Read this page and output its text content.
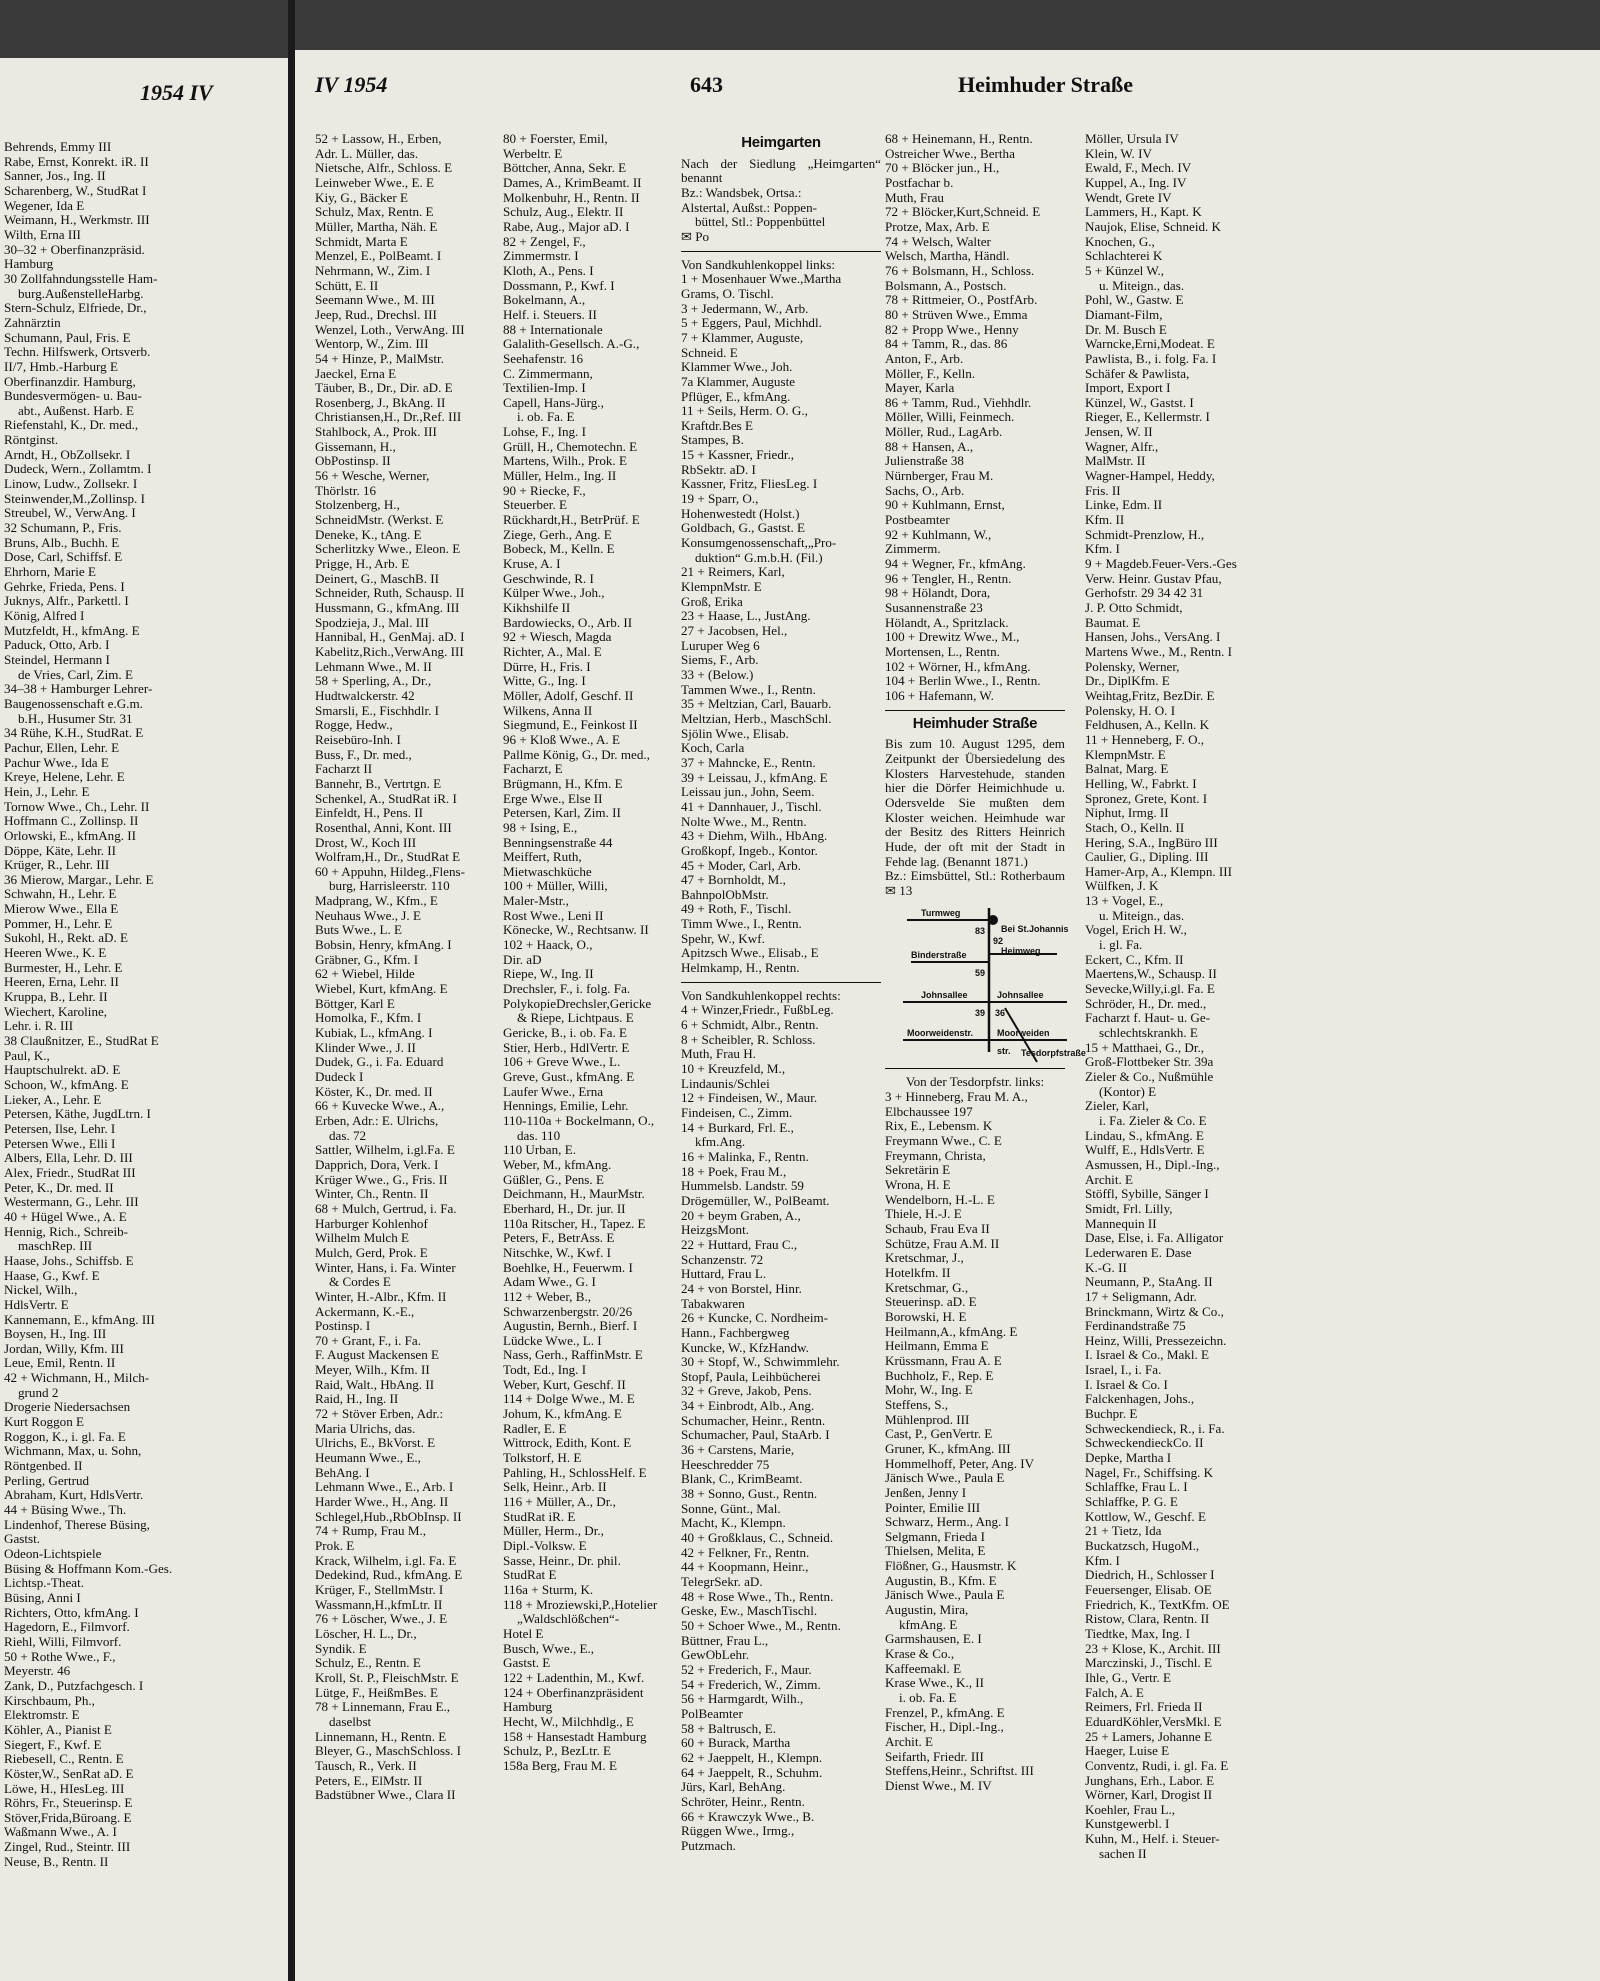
1954 IV
Behrends, Emmy III
Rabe, Ernst, Konrekt. iR. II
Sanner, Jos., Ing. II
Scharenberg, W., StudRat I
Wegener, Ida E
Weimann, H., Werkmstr. III
Wilth, Erna III
30–32 + Oberfinanzpräsid.
Hamburg
30 Zollfahndungsstelle Ham-
burg.AußenstelleHarbg.
Stern-Schulz, Elfriede, Dr.,
Zahnärztin
Schumann, Paul, Fris. E
Techn. Hilfswerk, Ortsverb.
II/7, Hmb.-Harburg E
Oberfinanzdir. Hamburg,
Bundesvermögen- u. Bau-
abt., Außenst. Harb. E
Riefenstahl, K., Dr. med.,
Röntginst.
Arndt, H., ObZollsekr. I
Dudeck, Wern., Zollamtm. I
Linow, Ludw., Zollsekr. I
Steinwender,M.,Zollinsp. I
Streubel, W., VerwAng. I
32 Schumann, P., Fris.
Bruns, Alb., Buchh. E
Dose, Carl, Schiffsf. E
Ehrhorn, Marie E
Gehrke, Frieda, Pens. I
Juknys, Alfr., Parkettl. I
König, Alfred I
Mutzfeldt, H., kfmAng. E
Paduck, Otto, Arb. I
Steindel, Hermann I
de Vries, Carl, Zim. E
34–38 + Hamburger Lehrer-
Baugenossenschaft e.G.m.
b.H., Husumer Str. 31
34 Rühe, K.H., StudRat. E
Pachur, Ellen, Lehr. E
Pachur Wwe., Ida E
Kreye, Helene, Lehr. E
Hein, J., Lehr. E
Tornow Wwe., Ch., Lehr. II
Hoffmann C., Zollinsp. II
Orlowski, E., kfmAng. II
Döppe, Käte, Lehr. II
Krüger, R., Lehr. III
36 Mierow, Margar., Lehr. E
Schwahn, H., Lehr. E
Mierow Wwe., Ella E
Pommer, H., Lehr. E
Sukohl, H., Rekt. aD. E
Heeren Wwe., K. E
Burmester, H., Lehr. E
Heeren, Erna, Lehr. II
Kruppa, B., Lehr. II
Wiechert, Karoline,
Lehr. i. R. III
38 Claußnitzer, E., StudRat E
Paul, K.,
Hauptschulrekt. aD. E
Schoon, W., kfmAng. E
Lieker, A., Lehr. E
Petersen, Käthe, JugdLtrn. I
Petersen, Ilse, Lehr. I
Petersen Wwe., Elli I
Albers, Ella, Lehr. D. III
Alex, Friedr., StudRat III
Peter, K., Dr. med. II
Westermann, G., Lehr. III
40 + Hügel Wwe., A. E
Hennig, Rich., Schreib-
maschRep. III
Haase, Johs., Schiffsb. E
Haase, G., Kwf. E
Nickel, Wilh.,
HdlsVertr. E
Kannemann, E., kfmAng. III
Boysen, H., Ing. III
Jordan, Willy, Kfm. III
Leue, Emil, Rentn. II
42 + Wichmann, H., Milch-
grund 2
Drogerie Niedersachsen
Kurt Roggon E
Roggon, K., i. gl. Fa. E
Wichmann, Max, u. Sohn,
Röntgenbed. II
Perling, Gertrud
Abraham, Kurt, HdlsVertr.
44 + Büsing Wwe., Th.
Lindenhof, Therese Büsing,
Gastst.
Odeon-Lichtspiele
Büsing & Hoffmann Kom.-Ges.
Lichtsp.-Theat.
Büsing, Anni I
Richters, Otto, kfmAng. I
Hagedorn, E., Filmvorf.
Riehl, Willi, Filmvorf.
50 + Rothe Wwe., F.,
Meyerstr. 46
Zank, D., Putzfachgesch. I
Kirschbaum, Ph.,
Elektromstr. E
Köhler, A., Pianist E
Siegert, F., Kwf. E
Riebesell, C., Rentn. E
Köster,W., SenRat aD. E
Löwe, H., HIesLeg. III
Röhrs, Fr., Steuerinsp. E
Stöver,Frida,Büroang. E
Waßmann Wwe., A. I
Zingel, Rud., Steintr. III
Neuse, B., Rentn. II
IV 1954	643	Heimhuder Straße
52 + Lassow, H., Erben,
Adr. L. Müller, das.
Nietsche, Alfr., Schloss. E
Leinweber Wwe., E. E
Kiy, G., Bäcker E
Schulz, Max, Rentn. E
Müller, Martha, Näh. E
Schmidt, Marta E
Menzel, E., PolBeamt. I
Nehrmann, W., Zim. I
Schütt, E. II
Seemann Wwe., M. III
Jeep, Rud., Drechsl. III
Wenzel, Loth., VerwAng. III
Wentorp, W., Zim. III
54 + Hinze, P., MalMstr.
Jaeckel, Erna E
Täuber, B., Dr., Dir. aD. E
Rosenberg, J., BkAng. II
Christiansen,H., Dr.,Ref. III
Stahlbock, A., Prok. III
Gissemann, H.,
ObPostinsp. II
56 + Wesche, Werner,
Thörlstr. 16
Stolzenberg, H.,
SchneidMstr. (Werkst. E
Deneke, K., tAng. E
Scherlitzky Wwe., Eleon. E
Prigge, H., Arb. E
Deinert, G., MaschB. II
Schneider, Ruth, Schausp. II
Hussmann, G., kfmAng. III
Spodzieja, J., Mal. III
Hannibal, H., GenMaj. aD. I
Kabelitz,Rich.,VerwAng. III
Lehmann Wwe., M. II
58 + Sperling, A., Dr.,
Hudtwalckerstr. 42
Smarsli, E., Fischhdlr. I
Rogge, Hedw.,
Reisebüro-Inh. I
Buss, F., Dr. med.,
Facharzt II
Bannehr, B., Vertrtgn. E
Schenkel, A., StudRat iR. I
Einfeldt, H., Pens. II
Rosenthal, Anni, Kont. III
Drost, W., Koch III
Wolfram,H., Dr., StudRat E
60 + Appuhn, Hildeg.,Flens-
burg, Harrisleerstr. 110
Madprang, W., Kfm., E
Neuhaus Wwe., J. E
Buts Wwe., L. E
Bobsin, Henry, kfmAng. I
Gräbner, G., Kfm. I
62 + Wiebel, Hilde
Wiebel, Kurt, kfmAng. E
Böttger, Karl E
Homolka, F., Kfm. I
Kubiak, L., kfmAng. I
Klinder Wwe., J. II
Dudek, G., i. Fa. Eduard
Dudeck I
Köster, K., Dr. med. II
66 + Kuvecke Wwe., A.,
Erben, Adr.: E. Ulrichs,
das. 72
Sattler, Wilhelm, i.gl.Fa. E
Dapprich, Dora, Verk. I
Krüger Wwe., G., Fris. II
Winter, Ch., Rentn. II
68 + Mulch, Gertrud, i. Fa.
Harburger Kohlenhof
Wilhelm Mulch E
Mulch, Gerd, Prok. E
Winter, Hans, i. Fa. Winter
& Cordes E
Winter, H.-Albr., Kfm. II
Ackermann, K.-E.,
Postinsp. I
70 + Grant, F., i. Fa.
F. August Mackensen E
Meyer, Wilh., Kfm. II
Raid, Walt., HbAng. II
Raid, H., Ing. II
72 + Stöver Erben, Adr.:
Maria Ulrichs, das.
Ulrichs, E., BkVorst. E
Heumann Wwe., E.,
BehAng. I
Lehmann Wwe., E., Arb. I
Harder Wwe., H., Ang. II
Schlegel,Hub.,RbObInsp. II
74 + Rump, Frau M.,
Prok. E
Krack, Wilhelm, i.gl. Fa. E
Dedekind, Rud., kfmAng. E
Krüger, F., StellmMstr. I
Wassmann,H.,kfmLtr. II
76 + Löscher, Wwe., J. E
Löscher, H. L., Dr.,
Syndik. E
Schulz, E., Rentn. E
Kroll, St. P., FleischMstr. E
Lütge, F., HeißmBes. E
78 + Linnemann, Frau E.,
daselbst
Linnemann, H., Rentn. E
Bleyer, G., MaschSchloss. I
Tausch, R., Verk. II
Peters, E., ElMstr. II
Badstübner Wwe., Clara II
80 + Foerster, Emil,
Werbeltr. E
Böttcher, Anna, Sekr. E
Dames, A., KrimBeamt. II
Molkenbuhr, H., Rentn. II
Schulz, Aug., Elektr. II
Rabe, Aug., Major aD. I
82 + Zengel, F.,
Zimmermstr. I
Kloth, A., Pens. I
Dossmann, P., Kwf. I
Bokelmann, A.,
Helf. i. Steuers. II
88 + Internationale
Galalith-Gesellsch. A.-G.,
Seehafenstr. 16
C. Zimmermann,
Textilien-Imp. I
Capell, Hans-Jürg.,
i. ob. Fa. E
Lohse, F., Ing. I
Grüll, H., Chemotechn. E
Martens, Wilh., Prok. E
Müller, Helm., Ing. II
90 + Riecke, F.,
Steuerber. E
Rückhardt,H., BetrPrüf. E
Ziege, Gerh., Ang. E
Bobeck, M., Kelln. E
Kruse, A. I
Geschwinde, R. I
Külper Wwe., Joh.,
Kikhshilfe II
Bardowiecks, O., Arb. II
92 + Wiesch, Magda
Richter, A., Mal. E
Dürre, H., Fris. I
Witte, G., Ing. I
Möller, Adolf, Geschf. II
Wilkens, Anna II
Siegmund, E., Feinkost II
96 + Kloß Wwe., A. E
Pallme König, G., Dr. med.,
Facharzt, E
Brügmann, H., Kfm. E
Erge Wwe., Else II
Petersen, Karl, Zim. II
98 + Ising, E.,
Benningsenstraße 44
Meiffert, Ruth,
Mietwaschküche
100 + Müller, Willi,
Maler-Mstr.,
Rost Wwe., Leni II
Könecke, W., Rechtsanw. II
102 + Haack, O.,
Dir. aD
Riepe, W., Ing. II
Drechsler, F., i. folg. Fa.
PolykopieDrechsler,Gericke
& Riepe, Lichtpaus. E
Gericke, B., i. ob. Fa. E
Stier, Herb., HdlVertr. E
106 + Greve Wwe., L.
Greve, Gust., kfmAng. E
Laufer Wwe., Erna
Hennings, Emilie, Lehr.
110-110a + Bockelmann, O.,
das. 110
110 Urban, E.
Weber, M., kfmAng.
Güßler, G., Pens. E
Deichmann, H., MaurMstr.
Eberhard, H., Dr. jur. II
110a Ritscher, H., Tapez. E
Peters, F., BetrAss. E
Nitschke, W., Kwf. I
Boehlke, H., Feuerwm. I
Adam Wwe., G. I
112 + Weber, B.,
Schwarzenbergstr. 20/26
Augustin, Bernh., Bierf. I
Lüdcke Wwe., L. I
Nass, Gerh., RaffinMstr. E
Todt, Ed., Ing. I
Weber, Kurt, Geschf. II
114 + Dolge Wwe., M. E
Johum, K., kfmAng. E
Radler, E. E
Wittrock, Edith, Kont. E
Tolkstorf, H. E
Pahling, H., SchlossHelf. E
Selk, Heinr., Arb. II
116 + Müller, A., Dr.,
StudRat iR. E
Müller, Herm., Dr.,
Dipl.-Volksw. E
Sasse, Heinr., Dr. phil.
StudRat E
116a + Sturm, K.
118 + Mroziewski,P.,Hotelier
„Waldschlößchen“-
Hotel E
Busch, Wwe., E.,
Gastst. E
122 + Ladenthin, M., Kwf.
124 + Oberfinanzpräsident
Hamburg
Hecht, W., Milchhdlg., E
158 + Hansestadt Hamburg
Schulz, P., BezLtr. E
158a Berg, Frau M. E
Heimgarten
Nach der Siedlung „Heimgarten“ benannt
Bz.: Wandsbek, Ortsa.:
Alstertal, Außst.: Poppen-
büttel, Stl.: Poppenbüttel
✉ Po
Von Sandkuhlenkoppel links:
1 + Mosenhauer Wwe.,Martha
Grams, O. Tischl.
3 + Jedermann, W., Arb.
5 + Eggers, Paul, Michhdl.
7 + Klammer, Auguste,
Schneid. E
Klammer Wwe., Joh.
7a Klammer, Auguste
Pflüger, E., kfmAng.
11 + Seils, Herm. O. G.,
Kraftdr.Bes E
Stampes, B.
15 + Kassner, Friedr.,
RbSektr. aD. I
Kassner, Fritz, FliesLeg. I
19 + Sparr, O.,
Hohenwestedt (Holst.)
Goldbach, G., Gastst. E
Konsumgenossenschaft,„Pro-
duktion“ G.m.b.H. (Fil.)
21 + Reimers, Karl,
KlempnMstr. E
Groß, Erika
23 + Haase, L., JustAng.
27 + Jacobsen, Hel.,
Luruper Weg 6
Siems, F., Arb.
33 + (Below.)
Tammen Wwe., I., Rentn.
35 + Meltzian, Carl, Bauarb.
Meltzian, Herb., MaschSchl.
Sjölin Wwe., Elisab.
Koch, Carla
37 + Mahncke, E., Rentn.
39 + Leissau, J., kfmAng. E
Leissau jun., John, Seem.
41 + Dannhauer, J., Tischl.
Nolte Wwe., M., Rentn.
43 + Diehm, Wilh., HbAng.
Großkopf, Ingeb., Kontor.
45 + Moder, Carl, Arb.
47 + Bornholdt, M.,
BahnpolObMstr.
49 + Roth, F., Tischl.
Timm Wwe., I., Rentn.
Spehr, W., Kwf.
Apitzsch Wwe., Elisab., E
Helmkamp, H., Rentn.
Von Sandkuhlenkoppel rechts:
4 + Winzer,Friedr., FußbLeg.
6 + Schmidt, Albr., Rentn.
8 + Scheibler, R. Schloss.
Muth, Frau H.
10 + Kreuzfeld, M.,
Lindaunis/Schlei
12 + Findeisen, W., Maur.
Findeisen, C., Zimm.
14 + Burkard, Frl. E.,
kfm.Ang.
16 + Malinka, F., Rentn.
18 + Poek, Frau M.,
Hummelsb. Landstr. 59
Drögemüller, W., PolBeamt.
20 + beym Graben, A.,
HeizgsMont.
22 + Huttard, Frau C.,
Schanzenstr. 72
Huttard, Frau L.
24 + von Borstel, Hinr.
Tabakwaren
26 + Kuncke, C. Nordheim-
Hann., Fachbergweg
Kuncke, W., KfzHandw.
30 + Stopf, W., Schwimmlehr.
Stopf, Paula, Leihbücherei
32 + Greve, Jakob, Pens.
34 + Einbrodt, Alb., Ang.
Schumacher, Heinr., Rentn.
Schumacher, Paul, StaArb. I
36 + Carstens, Marie,
Heeschredder 75
Blank, C., KrimBeamt.
38 + Sonno, Gust., Rentn.
Sonne, Günt., Mal.
Macht, K., Klempn.
40 + Großklaus, C., Schneid.
42 + Felkner, Fr., Rentn.
44 + Koopmann, Heinr.,
TelegrSekr. aD.
48 + Rose Wwe., Th., Rentn.
Geske, Ew., MaschTischl.
50 + Schoer Wwe., M., Rentn.
Büttner, Frau L.,
GewObLehr.
52 + Frederich, F., Maur.
54 + Frederich, W., Zimm.
56 + Harmgardt, Wilh.,
PolBeamter
58 + Baltrusch, E.
60 + Burack, Martha
62 + Jaeppelt, H., Klempn.
64 + Jaeppelt, R., Schuhm.
Jürs, Karl, BehAng.
Schröter, Heinr., Rentn.
66 + Krawczyk Wwe., B.
Rüggen Wwe., Irmg.,
Putzmach.
68 + Heinemann, H., Rentn.
Ostreicher Wwe., Bertha
70 + Blöcker jun., H.,
Postfachar b.
Muth, Frau
72 + Blöcker,Kurt,Schneid. E
Protze, Max, Arb. E
74 + Welsch, Walter
Welsch, Martha, Händl.
76 + Bolsmann, H., Schloss.
Bolsmann, A., Postsch.
78 + Rittmeier, O., PostfArb.
80 + Strüven Wwe., Emma
82 + Propp Wwe., Henny
84 + Tamm, R., das. 86
Anton, F., Arb.
Möller, F., Kelln.
Mayer, Karla
86 + Tamm, Rud., Viehhdlr.
Möller, Willi, Feinmech.
Möller, Rud., LagArb.
88 + Hansen, A.,
Julienstraße 38
Nürnberger, Frau M.
Sachs, O., Arb.
90 + Kuhlmann, Ernst,
Postbeamter
92 + Kuhlmann, W.,
Zimmerm.
94 + Wegner, Fr., kfmAng.
96 + Tengler, H., Rentn.
98 + Hölandt, Dora,
Susannenstraße 23
Hölandt, A., Spritzlack.
100 + Drewitz Wwe., M.,
Mortensen, L., Rentn.
102 + Wörner, H., kfmAng.
104 + Berlin Wwe., I., Rentn.
106 + Hafemann, W.
Heimhuder Straße
Bis zum 10. August 1295, dem Zeitpunkt der Übersiedelung des Klosters Harvestehude, standen hier die Dörfer Heimichhude u. Odersvelde Sie mußten dem Kloster weichen. Heimhude war der Besitz des Ritters Heinrich Hude, der oft mit der Stadt in Fehde lag. (Benannt 1871.)
Bz.: Eimsbüttel, Stl.: Rotherbaum ✉ 13
Turmweg
83 Bei St.Johannis
92
Heimweg
Binderstraße
59
Johnsallee	Johnsallee
39 36
Moorweidenstr.	Moorweiden
str. Tesdorpfstraße
Von der Tesdorpfstr. links:
3 + Hinneberg, Frau M. A.,
Elbchaussee 197
Rix, E., Lebensm. K
Freymann Wwe., C. E
Freymann, Christa,
Sekretärin E
Wrona, H. E
Wendelborn, H.-L. E
Thiele, H.-J. E
Schaub, Frau Eva II
Schütze, Frau A.M. II
Kretschmar, J.,
Hotelkfm. II
Kretschmar, G.,
Steuerinsp. aD. E
Borowski, H. E
Heilmann,A., kfmAng. E
Heilmann, Emma E
Krüssmann, Frau A. E
Buchholz, F., Rep. E
Mohr, W., Ing. E
Steffens, S.,
Mühlenprod. III
Cast, P., GenVertr. E
Gruner, K., kfmAng. III
Hommelhoff, Peter, Ang. IV
Jänisch Wwe., Paula E
Jenßen, Jenny I
Pointer, Emilie III
Schwarz, Herm., Ang. I
Selgmann, Frieda I
Thielsen, Melita, E
Flößner, G., Hausmstr. K
Augustin, B., Kfm. E
Jänisch Wwe., Paula E
Augustin, Mira,
kfmAng. E
Garmshausen, E. I
Krase & Co.,
Kaffeemakl. E
Krase Wwe., K., II
i. ob. Fa. E
Frenzel, P., kfmAng. E
Fischer, H., Dipl.-Ing.,
Archit. E
Seifarth, Friedr. III
Steffens,Heinr., Schriftst. III
Dienst Wwe., M. IV
Möller, Ursula IV
Klein, W. IV
Ewald, F., Mech. IV
Kuppel, A., Ing. IV
Wendt, Grete IV
Lammers, H., Kapt. K
Naujok, Elise, Schneid. K
Knochen, G.,
Schlachterei K
5 + Künzel W.,
u. Miteign., das.
Pohl, W., Gastw. E
Diamant-Film,
Dr. M. Busch E
Warncke,Erni,Modeat. E
Pawlista, B., i. folg. Fa. I
Schäfer & Pawlista,
Import, Export I
Künzel, W., Gastst. I
Rieger, E., Kellermstr. I
Jensen, W. II
Wagner, Alfr.,
MalMstr. II
Wagner-Hampel, Heddy,
Fris. II
Linke, Edm. II
Kfm. II
Schmidt-Prenzlow, H.,
Kfm. I
9 + Magdeb.Feuer-Vers.-Ges
Verw. Heinr. Gustav Pfau,
Gerhofstr. 29 34 42 31
J. P. Otto Schmidt,
Baumat. E
Hansen, Johs., VersAng. I
Martens Wwe., M., Rentn. I
Polensky, Werner,
Dr., DiplKfm. E
Weihtag,Fritz, BezDir. E
Polensky, H. O. I
Feldhusen, A., Kelln. K
11 + Henneberg, F. O.,
KlempnMstr. E
Balnat, Marg. E
Helling, W., Fabrkt. I
Spronez, Grete, Kont. I
Niphut, Irmg. II
Stach, O., Kelln. II
Hering, S.A., IngBüro III
Caulier, G., Dipling. III
Hamer-Arp, A., Klempn. III
Wülfken, J. K
13 + Vogel, E.,
u. Miteign., das.
Vogel, Erich H. W.,
i. gl. Fa.
Eckert, C., Kfm. II
Maertens,W., Schausp. II
Sevecke,Willy,i.gl. Fa. E
Schröder, H., Dr. med.,
Facharzt f. Haut- u. Ge-
schlechtskrankh. E
15 + Matthaei, G., Dr.,
Groß-Flottbeker Str. 39a
Zieler & Co., Nußmühle
(Kontor) E
Zieler, Karl,
i. Fa. Zieler & Co. E
Lindau, S., kfmAng. E
Wulff, E., HdlsVertr. E
Asmussen, H., Dipl.-Ing.,
Archit. E
Stöffl, Sybille, Sänger I
Smidt, Frl. Lilly,
Mannequin II
Dase, Else, i. Fa. Alligator
Lederwaren E. Dase
K.-G. II
Neumann, P., StaAng. II
17 + Seligmann, Adr.
Brinckmann, Wirtz & Co.,
Ferdinandstraße 75
Heinz, Willi, Pressezeichn.
I. Israel & Co., Makl. E
Israel, I., i. Fa.
I. Israel & Co. I
Falckenhagen, Johs.,
Buchpr. E
Schweckendieck, R., i. Fa.
SchweckendieckCo. II
Depke, Martha I
Nagel, Fr., Schiffsing. K
Schlaffke, Frau L. I
Schlaffke, P. G. E
Kottlow, W., Geschf. E
21 + Tietz, Ida
Buckatzsch, HugoM.,
Kfm. I
Diedrich, H., Schlosser I
Feuersenger, Elisab. OE
Friedrich, K., TextKfm. OE
Ristow, Clara, Rentn. II
Tiedtke, Max, Ing. I
23 + Klose, K., Archit. III
Marczinski, J., Tischl. E
Ihle, G., Vertr. E
Falch, A. E
Reimers, Frl. Frieda II
EduardKöhler,VersMkl. E
25 + Lamers, Johanne E
Haeger, Luise E
Conventz, Rudi, i. gl. Fa. E
Junghans, Erh., Labor. E
Wörner, Karl, Drogist II
Koehler, Frau L.,
Kunstgewerbl. I
Kuhn, M., Helf. i. Steuer-
sachen II
